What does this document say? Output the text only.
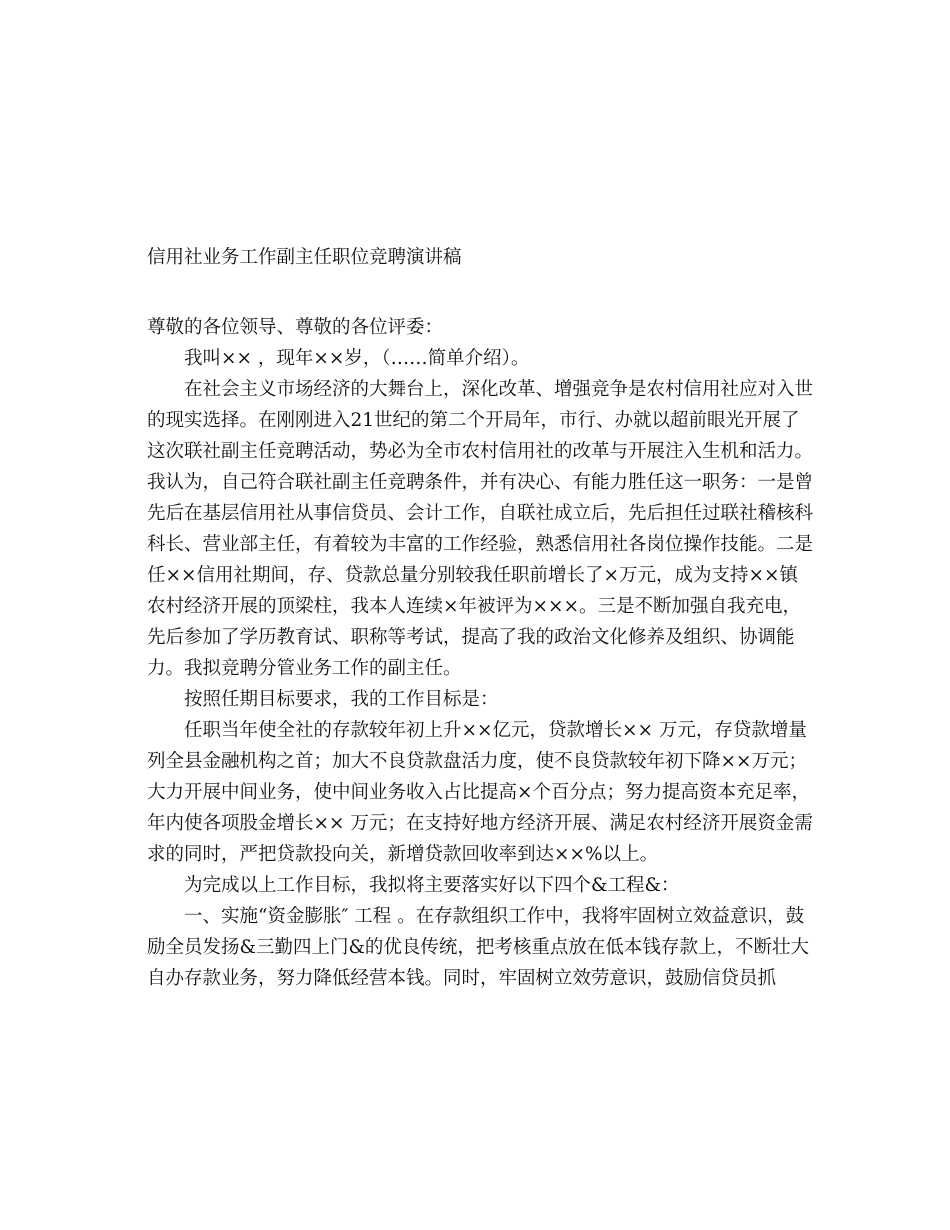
信用社业务工作副主任职位竞聘演讲稿

尊敬的各位领导、尊敬的各位评委：

我叫×× ，现年××岁，（……简单介绍）。

在社会主义市场经济的大舞台上，深化改革、增强竞争是农村信用社应对入世的现实选择。在刚刚进入21世纪的第二个开局年，市行、办就以超前眼光开展了这次联社副主任竞聘活动，势必为全市农村信用社的改革与开展注入生机和活力。我认为，自己符合联社副主任竞聘条件，并有决心、有能力胜任这一职务：一是曾先后在基层信用社从事信贷员、会计工作，自联社成立后，先后担任过联社稽核科科长、营业部主任，有着较为丰富的工作经验，熟悉信用社各岗位操作技能。二是任××信用社期间，存、贷款总量分别较我任职前增长了×万元，成为支持××镇农村经济开展的顶梁柱，我本人连续×年被评为×××。三是不断加强自我充电，先后参加了学历教育试、职称等考试，提高了我的政治文化修养及组织、协调能力。我拟竞聘分管业务工作的副主任。

按照任期目标要求，我的工作目标是：

任职当年使全社的存款较年初上升××亿元，贷款增长×× 万元，存贷款增量列全县金融机构之首；加大不良贷款盘活力度，使不良贷款较年初下降××万元；大力开展中间业务，使中间业务收入占比提高×个百分点；努力提高资本充足率，年内使各项股金增长×× 万元；在支持好地方经济开展、满足农村经济开展资金需求的同时，严把贷款投向关，新增贷款回收率到达××%以上。

为完成以上工作目标，我拟将主要落实好以下四个&工程&：

一、实施“资金膨胀″ 工程 。在存款组织工作中，我将牢固树立效益意识，鼓励全员发扬&三勤四上门&的优良传统，把考核重点放在低本钱存款上，不断壮大自办存款业务，努力降低经营本钱。同时，牢固树立效劳意识，鼓励信贷员抓
